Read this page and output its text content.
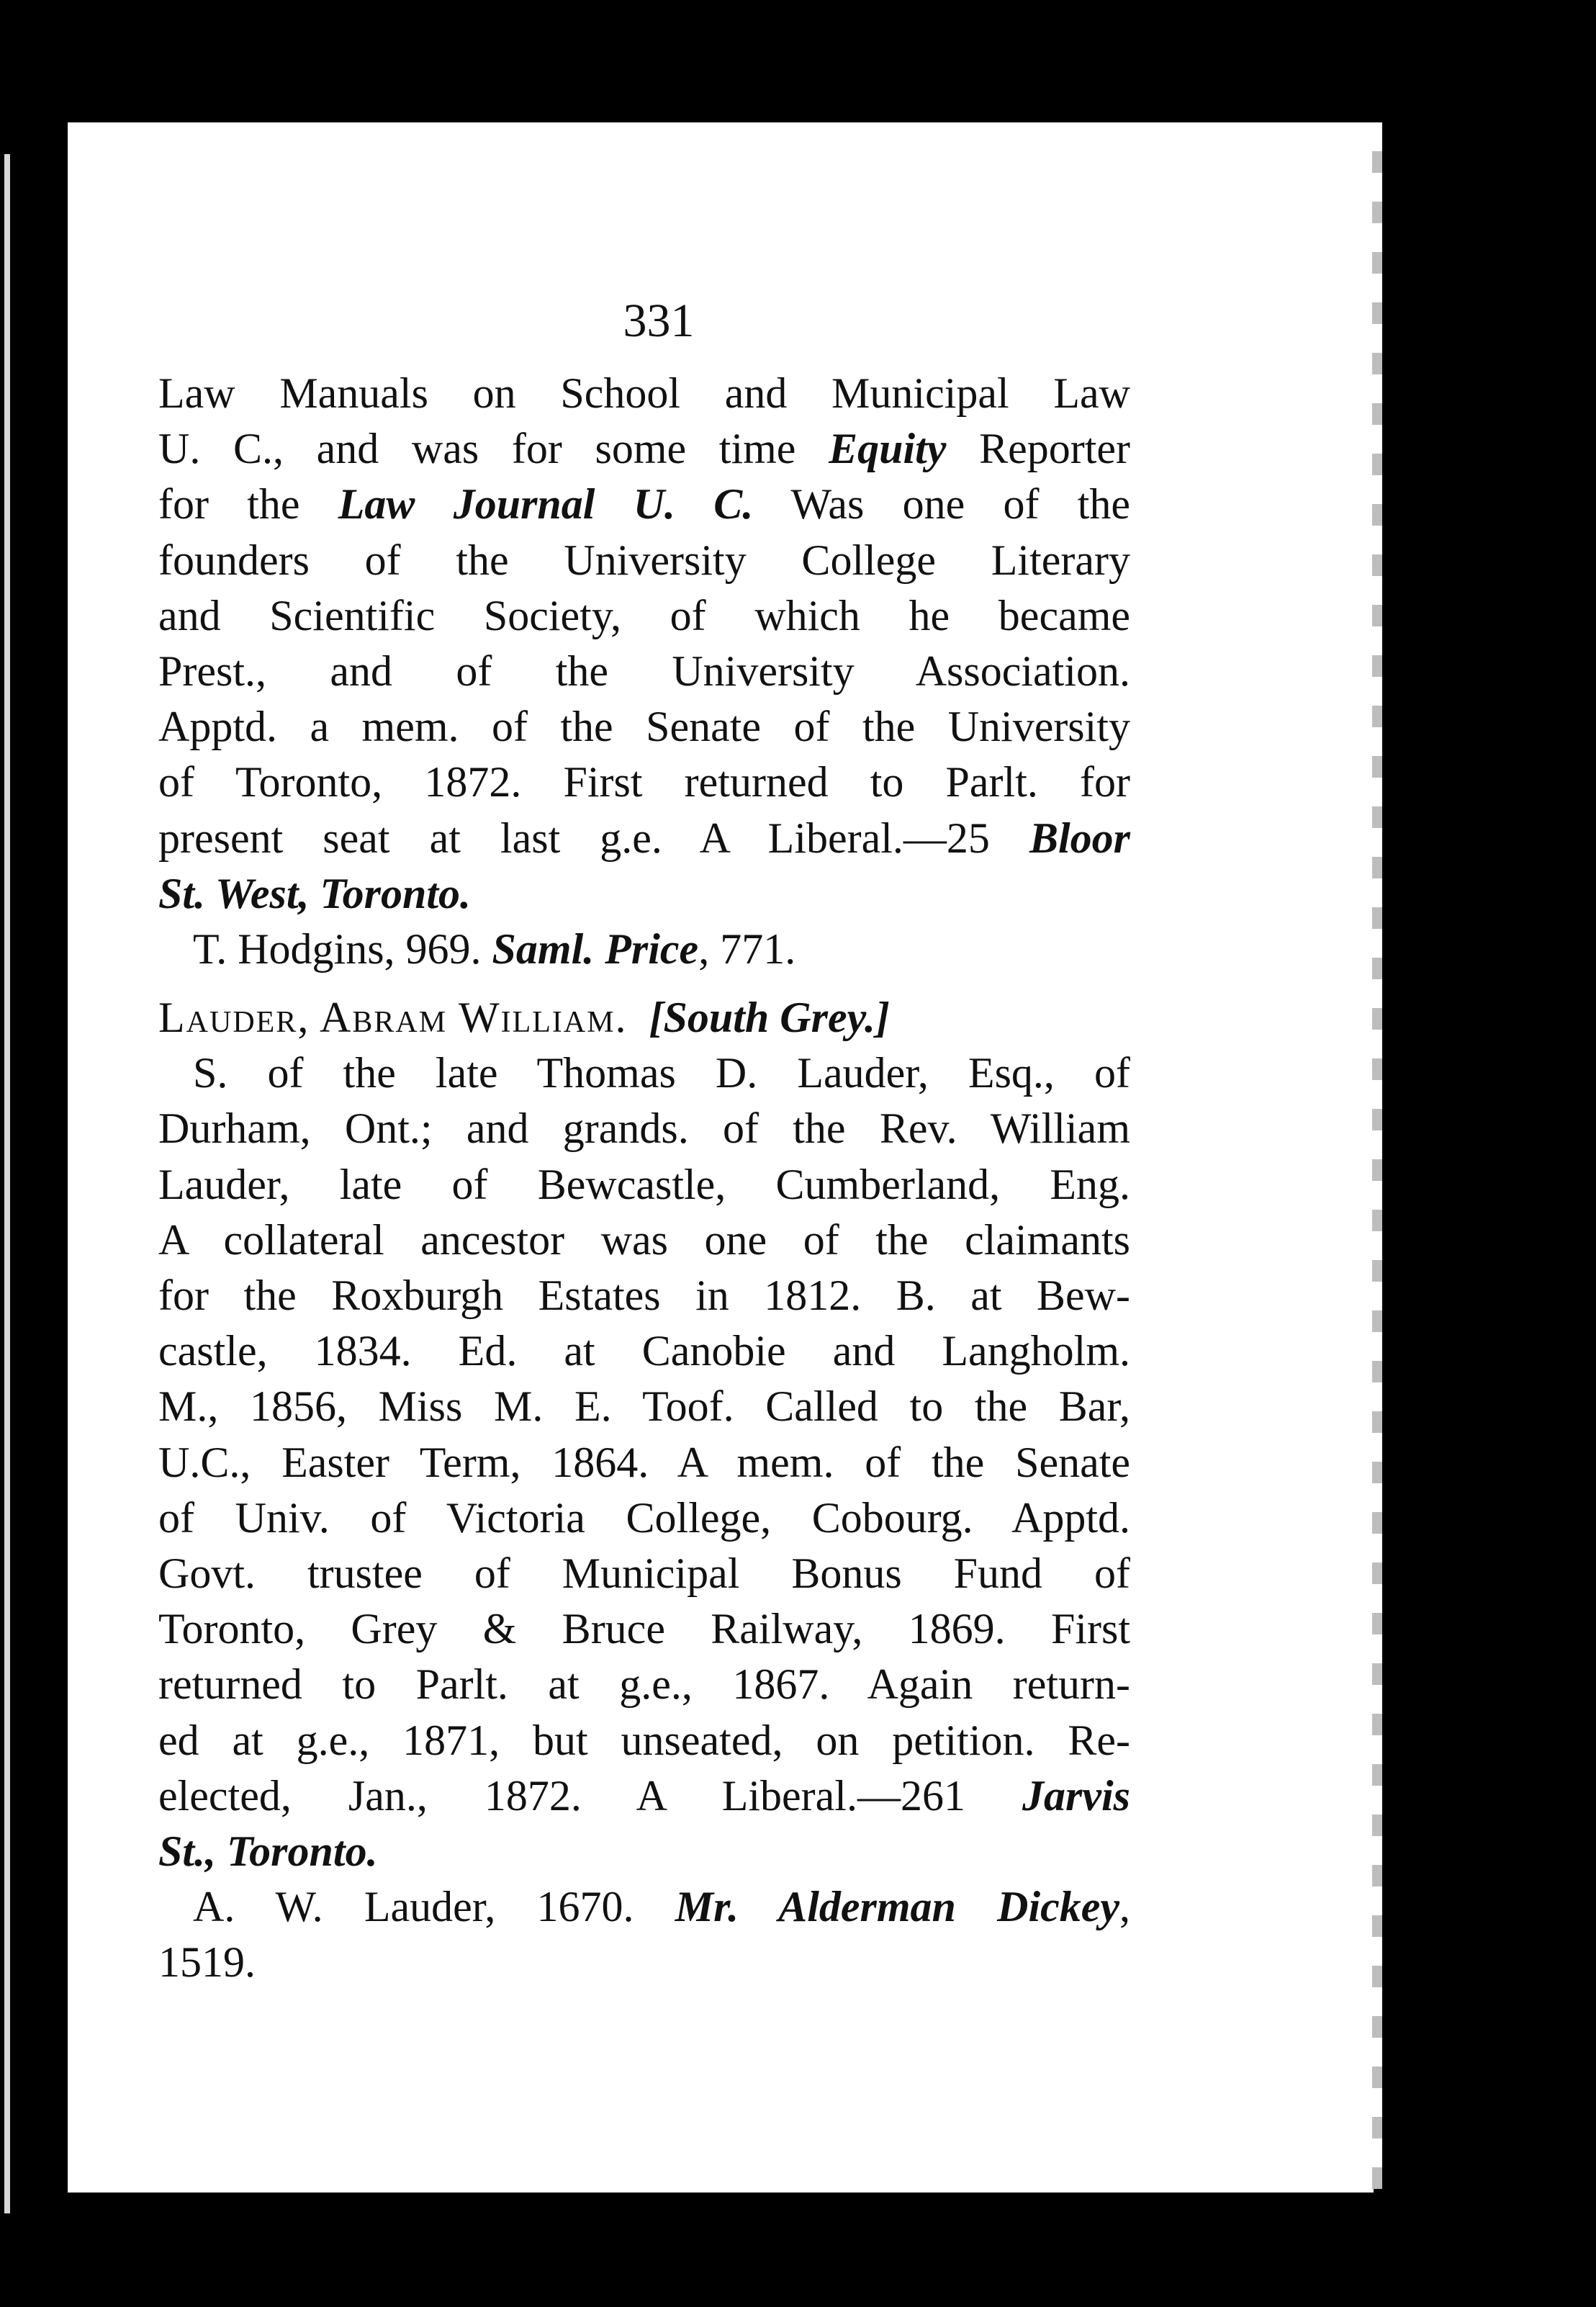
331
Law Manuals on School and Municipal Law
U. C., and was for some time Equity Reporter
for the Law Journal U. C. Was one of the
founders of the University College Literary
and Scientific Society, of which he became
Prest., and of the University Association.
Apptd. a mem. of the Senate of the University
of Toronto, 1872. First returned to Parlt. for
present seat at last g.e. A Liberal.—25 Bloor
St. West, Toronto.
T. Hodgins, 969. Saml. Price, 771.
Lauder, Abram William. [South Grey.]
S. of the late Thomas D. Lauder, Esq., of
Durham, Ont.; and grands. of the Rev. William
Lauder, late of Bewcastle, Cumberland, Eng.
A collateral ancestor was one of the claimants
for the Roxburgh Estates in 1812. B. at Bew-
castle, 1834. Ed. at Canobie and Langholm.
M., 1856, Miss M. E. Toof. Called to the Bar,
U.C., Easter Term, 1864. A mem. of the Senate
of Univ. of Victoria College, Cobourg. Apptd.
Govt. trustee of Municipal Bonus Fund of
Toronto, Grey & Bruce Railway, 1869. First
returned to Parlt. at g.e., 1867. Again return-
ed at g.e., 1871, but unseated, on petition. Re-
elected, Jan., 1872. A Liberal.—261 Jarvis
St., Toronto.
A. W. Lauder, 1670. Mr. Alderman Dickey,
1519.
